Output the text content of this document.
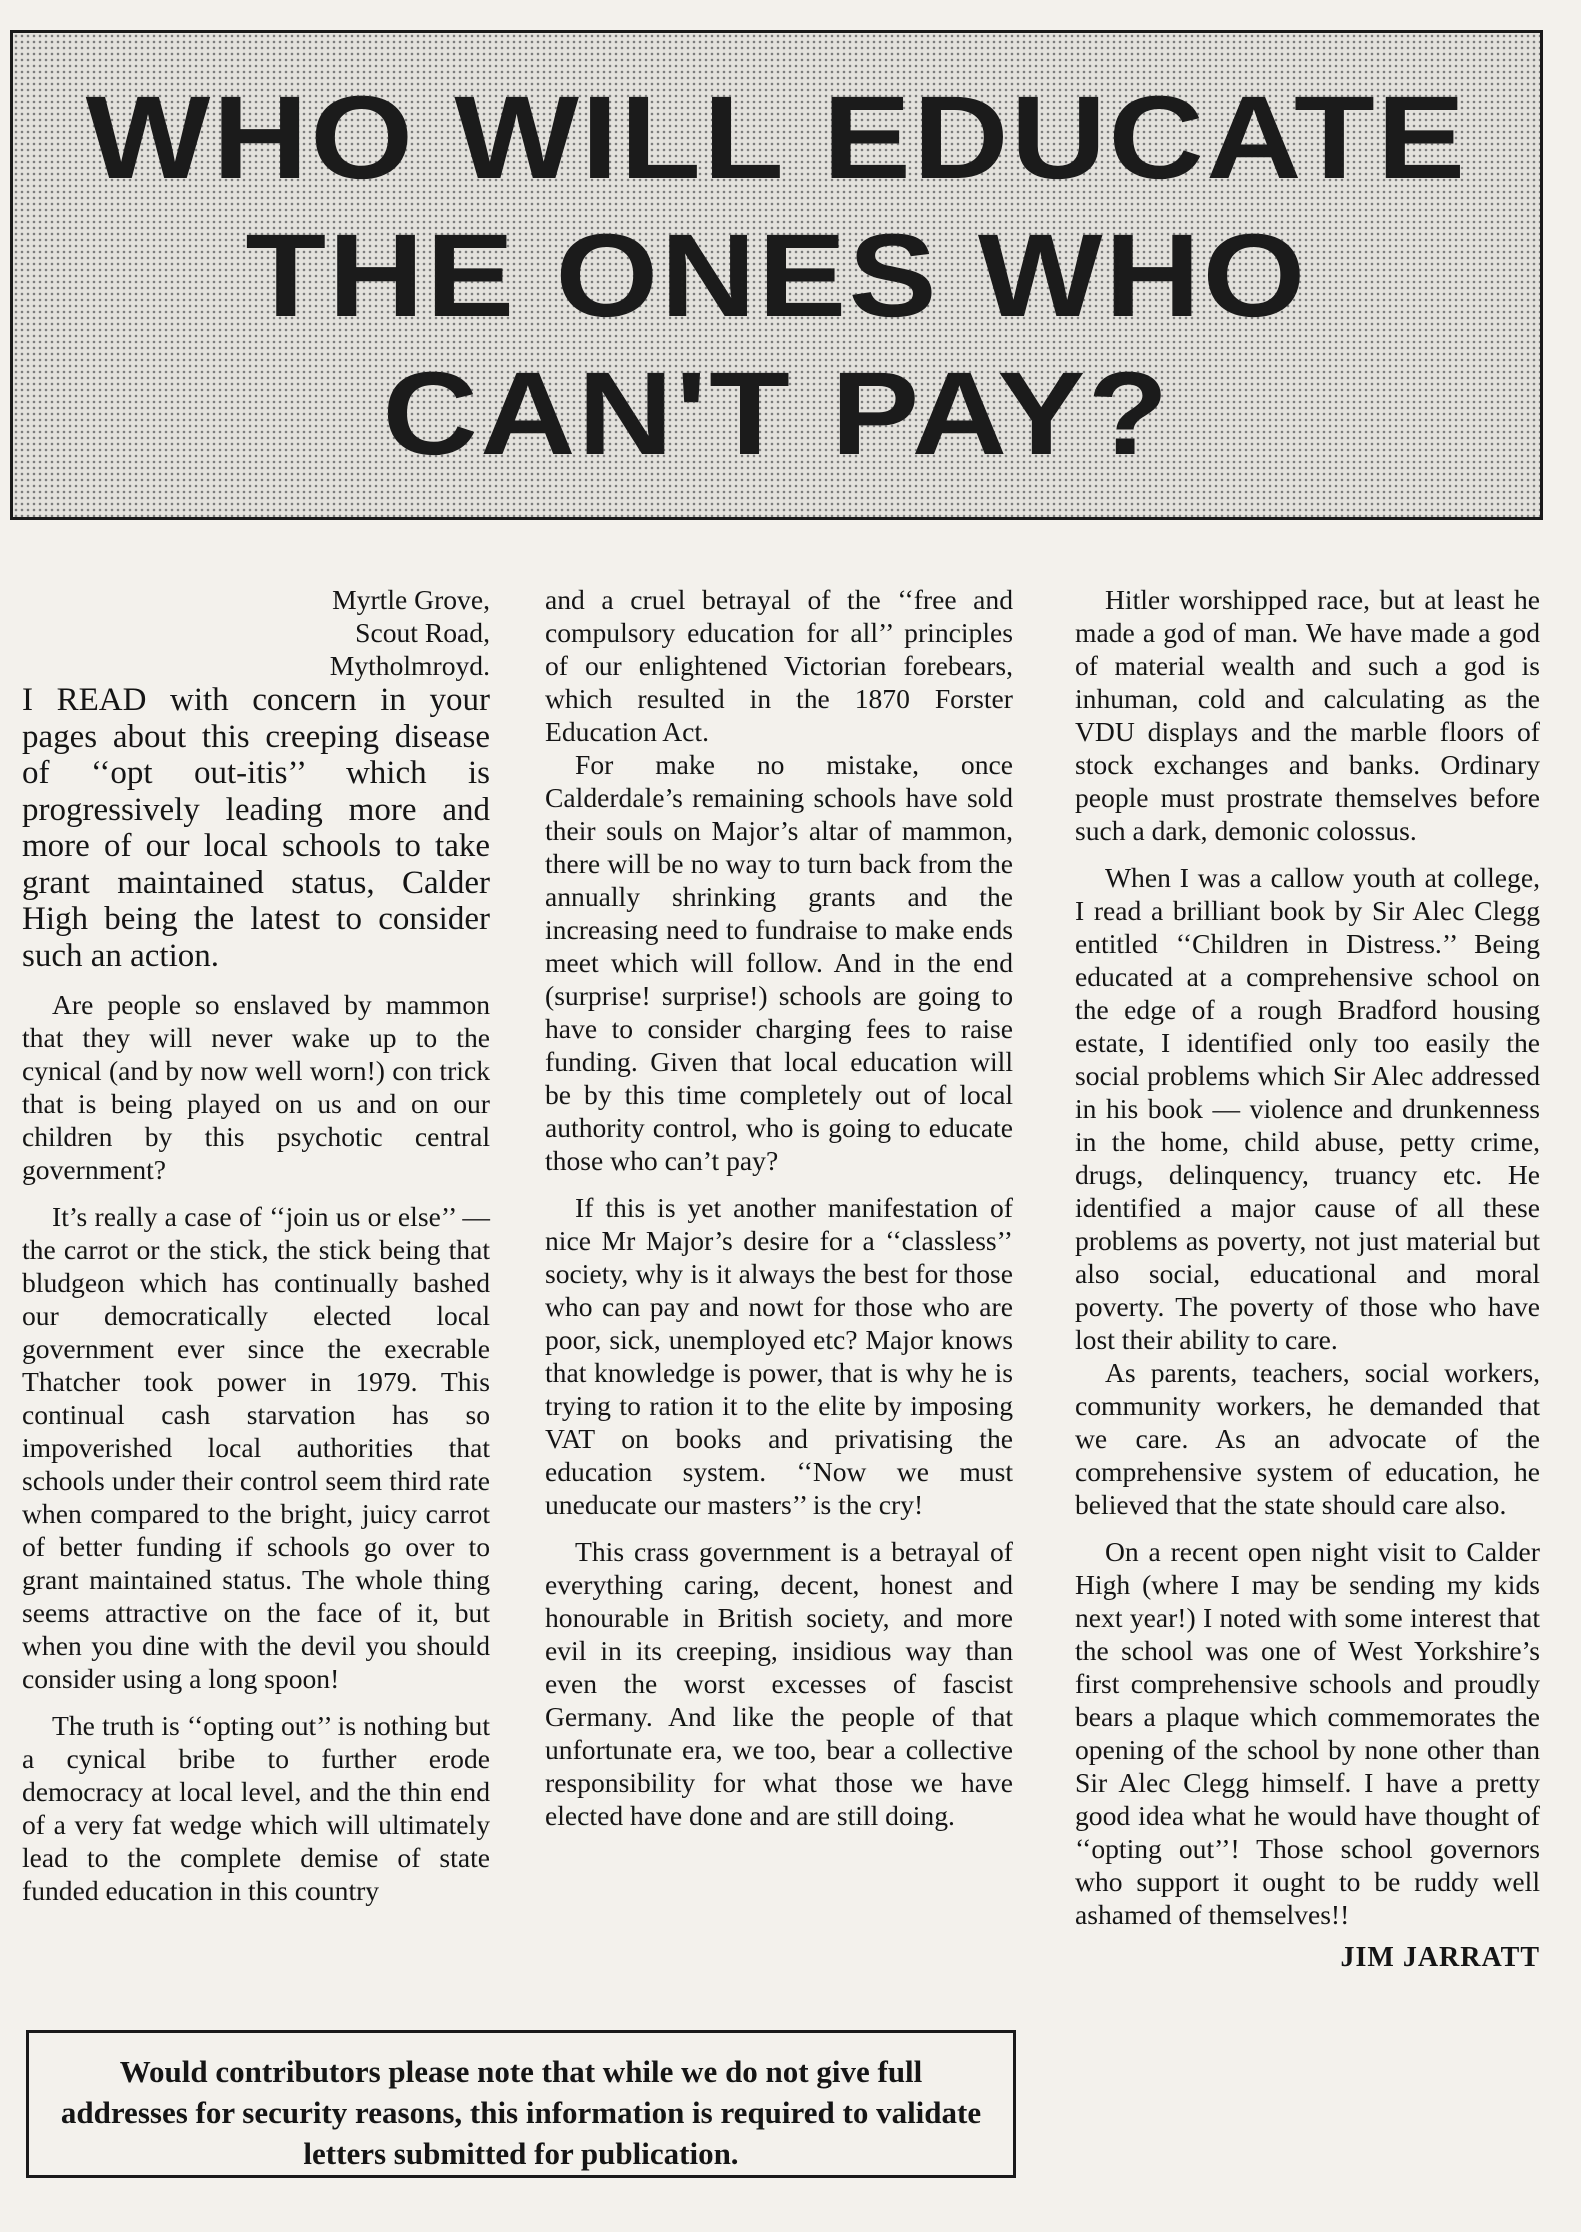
WHO WILL EDUCATE
THE ONES WHO
CAN'T PAY?
Myrtle Grove,
Scout Road,
Mytholmroyd.

I READ with concern in your pages about this creeping disease of ‘‘opt out-itis’’ which is progressively leading more and more of our local schools to take grant maintained status, Calder High being the latest to consider such an action.

Are people so enslaved by mammon that they will never wake up to the cynical (and by now well worn!) con trick that is being played on us and on our children by this psychotic central government?

It’s really a case of ‘‘join us or else’’ — the carrot or the stick, the stick being that bludgeon which has continually bashed our democratically elected local government ever since the execrable Thatcher took power in 1979. This continual cash starvation has so impoverished local authorities that schools under their control seem third rate when compared to the bright, juicy carrot of better funding if schools go over to grant maintained status. The whole thing seems attractive on the face of it, but when you dine with the devil you should consider using a long spoon!

The truth is ‘‘opting out’’ is nothing but a cynical bribe to further erode democracy at local level, and the thin end of a very fat wedge which will ultimately lead to the complete demise of state funded education in this country

and a cruel betrayal of the ‘‘free and compulsory education for all’’ principles of our enlightened Victorian forebears, which resulted in the 1870 Forster Education Act.

For make no mistake, once Calderdale’s remaining schools have sold their souls on Major’s altar of mammon, there will be no way to turn back from the annually shrinking grants and the increasing need to fundraise to make ends meet which will follow. And in the end (surprise! surprise!) schools are going to have to consider charging fees to raise funding. Given that local education will be by this time completely out of local authority control, who is going to educate those who can’t pay?

If this is yet another manifestation of nice Mr Major’s desire for a ‘‘classless’’ society, why is it always the best for those who can pay and nowt for those who are poor, sick, unemployed etc? Major knows that knowledge is power, that is why he is trying to ration it to the elite by imposing VAT on books and privatising the education system. ‘‘Now we must uneducate our masters’’ is the cry!

This crass government is a betrayal of everything caring, decent, honest and honourable in British society, and more evil in its creeping, insidious way than even the worst excesses of fascist Germany. And like the people of that unfortunate era, we too, bear a collective responsibility for what those we have elected have done and are still doing.

Hitler worshipped race, but at least he made a god of man. We have made a god of material wealth and such a god is inhuman, cold and calculating as the VDU displays and the marble floors of stock exchanges and banks. Ordinary people must prostrate themselves before such a dark, demonic colossus.

When I was a callow youth at college, I read a brilliant book by Sir Alec Clegg entitled ‘‘Children in Distress.’’ Being educated at a comprehensive school on the edge of a rough Bradford housing estate, I identified only too easily the social problems which Sir Alec addressed in his book — violence and drunkenness in the home, child abuse, petty crime, drugs, delinquency, truancy etc. He identified a major cause of all these problems as poverty, not just material but also social, educational and moral poverty. The poverty of those who have lost their ability to care.

As parents, teachers, social workers, community workers, he demanded that we care. As an advocate of the comprehensive system of education, he believed that the state should care also.

On a recent open night visit to Calder High (where I may be sending my kids next year!) I noted with some interest that the school was one of West Yorkshire’s first comprehensive schools and proudly bears a plaque which commemorates the opening of the school by none other than Sir Alec Clegg himself. I have a pretty good idea what he would have thought of ‘‘opting out’’! Those school governors who support it ought to be ruddy well ashamed of themselves!!

JIM JARRATT
Would contributors please note that while we do not give full addresses for security reasons, this information is required to validate letters submitted for publication.
